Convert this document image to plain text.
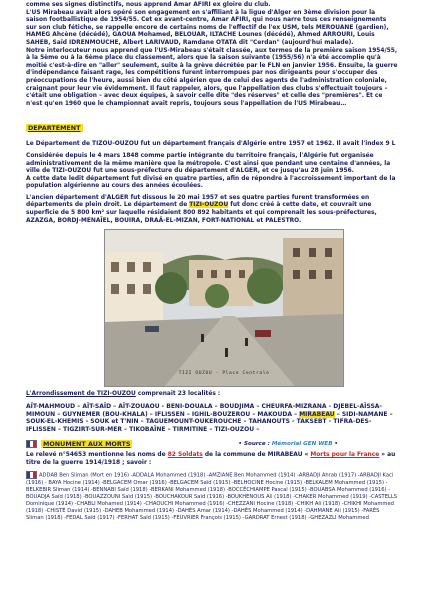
comme ses signes distinctifs, nous apprend Amar AFIRI ex gloire du club.

L'US Mirabeau avait alors opéré son engagement en s'affiliant à la ligue d'Alger en 3ème division pour la saison footballistique de 1954/55. Cet ex avant-centre, Amar AFIRI, qui nous narre tous ces renseignements sur son club fétiche, se rappelle encore de certains noms de l'effectif de l'ex USM, tels MEROUANE (gardien), HAMEG Ahcène (décédé), GAOUA Mohamed, BELOUAR, ILTACHE Lounes (décédé), Ahmed ARROURI, Louis SAHEB, Saïd IDRENMOUCHE, Albert LARIVAUD, Ramdane OTATA dit "Cerdan" (aujourd'hui malade).

Notre interlocuteur nous apprend que l'US-Mirabeau s'était classée, aux termes de la première saison 1954/55, à la 5ème ou à la 6ème place du classement, alors que la saison suivante (1955/56) n'a été accomplie qu'à moitié c'est-à-dire en "aller" seulement, suite à la grève décrétée par le FLN en janvier 1956. Ensuite, la guerre d'indépendance faisant rage, les compétitions furent interrompues par nos dirigeants pour s'occuper des préoccupations de l'heure, aussi bien du côté algérien que de celui des agents de l'administration coloniale, craignant pour leur vie évidemment. Il faut rappeler, alors, que l'appellation des clubs s'effectuait toujours – c'était une obligation – avec deux équipes, à savoir celle dite "des réserves" et celle des "premières". Et ce n'est qu'en 1960 que le championnat avait repris, toujours sous l'appellation de l'US Mirabeau…

DEPARTEMENT

Le Département de TIZOU-OUZOU fut un département français d'Algérie entre 1957 et 1962. Il avait l'index 9 L

Considérée depuis le 4 mars 1848 comme partie intégrante du territoire français, l'Algérie fut organisée administrativement de la même manière que la métropole. C'est ainsi que pendant une centaine d'années, la ville de TIZI-OUZOU fut une sous-préfecture du département d'ALGER, et ce jusqu'au 28 juin 1956.

A cette date ledit département fut divisé en quatre parties, afin de répondre à l'accroissement important de la population algérienne au cours des années écoulées.

L'ancien département d'ALGER fut dissous le 20 mai 1957 et ses quatre parties furent transformées en départements de plein droit. Le département de TIZI-OUZOU fut donc créé à cette date, et couvrait une superficie de 5 800 km² sur laquelle résidaient 800 892 habitants et qui comprenait les sous-préfectures, AZAZGA, BORDJ-MENAÏEL, BOUIRA, DRAÂ-EL-MIZAN, FORT-NATIONAL et PALESTRO.

TIZI OUZOU - Place Centrale

L'Arrondissement de TIZI-OUZOU comprenait 23 localités :

AÏT-MAHMOUD – AÏT-SAÏD – AÏT-ZOUAOU - BENI-DOUALA – BOUDJIMA – CHEURFA-MIZRANA - DJEBEL-AÏSSA-MIMOUN – GUYNEMER (BOU-KHALA) – IFLISSEN – IGHIL-BOUZEROU – MAKOUDA – MIRABEAU – SIDI-NAMANE – SOUK-EL-KHEMIS - SOUK et T'NIN – TAGUEMOUNT-OUKEROUCHE – TAHANOUTS - TAKSEBT - TIFRA-DES-IFLISSEN – TIGZIRT-SUR-MER – TIKOBAÏNE – TIRMITINE – TIZI-OUZOU –

MONUMENT AUX MORTS	• Source : Mémorial GEN WEB •

Le relevé n°54653 mentionne les noms de 82 Soldats de la commune de MIRABEAU « Morts pour la France » au titre de la guerre 1914/1918 ; savoir :

ADDAB Ben Sliman (Mort en 1916) -ADDALA Mohammed (1918) -AMZIANE Ben Mohammed (1914) -ARBADJI Ahrab (1917) -ARBADJI Kaci (1916) - BAYA Hocine (1914) -BELGACEM Omar (1916) -BELGACEM Saïd (1915) -BELHOCINE Hocine (1915) -BELKALEM Mohammed (1915) -BELKEBIR Sliman (1914) -BENNABI Saïd (1918) -BERKANI Mohammed (1918) -BOCCÉCHIAMPE Pascal (1915) -BOUABSA Mohammed (1916) -BOUADJA Saïd (1918) -BOUAZZOUNI Saïd (1915) -BOUCHAKOUR Saïd (1916) -BOUKHENOUS Ali (1918) -CHAKER Mohammed (1919) -CASTELLS Dominique (1914) -CHABLI Mohamed (1914) -CHAOUCHI Mohammed (1916) -CHEZZANI Hocine (1918) -CHIKH Ali (1918) -CHIKHI Mohammed (1918) -CHISTÉ David (1915) -DAHEB Mohammed (1914) -DAHÈS Amar (1914) -DAHÈS Mohammed (1914) -DAHMANE Ali (1915) -FARÈS Sliman (1918) -FEDAL Saïd (1917) -FERHAT Saïd (1915) -FEUVRIER François (1915) -GARDRAT Ernest (1918) -GHEZAZLI Mohammed
